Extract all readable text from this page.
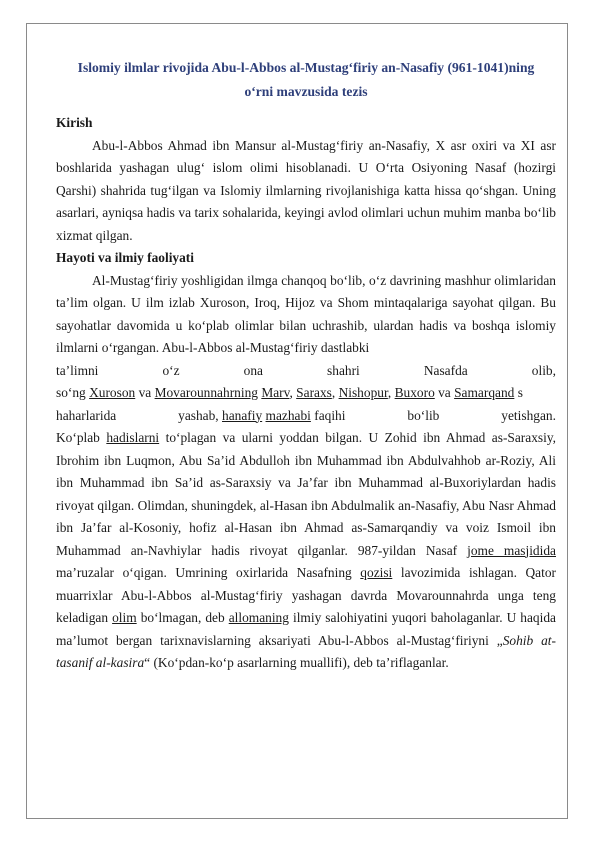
Islomiy ilmlar rivojida Abu-l-Abbos al-Mustag‘firiy an-Nasafiy (961-1041)ning
o‘rni mavzusida tezis

Kirish

Abu-l-Abbos Ahmad ibn Mansur al-Mustag‘firiy an-Nasafiy, X asr oxiri va XI asr boshlarida yashagan ulug‘ islom olimi hisoblanadi. U O‘rta Osiyoning Nasaf (hozirgi Qarshi) shahrida tug‘ilgan va Islomiy ilmlarning rivojlanishiga katta hissa qo‘shgan. Uning asarlari, ayniqsa hadis va tarix sohalarida, keyingi avlod olimlari uchun muhim manba bo‘lib xizmat qilgan.

Hayoti va ilmiy faoliyati

Al-Mustag‘firiy yoshligidan ilmga chanqoq bo‘lib, o‘z davrining mashhur olimlaridan ta’lim olgan. U ilm izlab Xuroson, Iroq, Hijoz va Shom mintaqalariga sayohat qilgan. Bu sayohatlar davomida u ko‘plab olimlar bilan uchrashib, ulardan hadis va boshqa islomiy ilmlarni o‘rgangan. Abu-l-Abbos al-Mustag‘firiy dastlabki

ta’limni	o‘z	ona	shahri	Nasafda	olib,
so‘ng Xuroson va Movarounnahrning Marv, Saraxs, Nishopur, Buxoro va Samarqand s
haharlarida	yashab, hanafiy mazhabi faqihi	bo‘lib	yetishgan.

Ko‘plab hadislarni to‘plagan va ularni yoddan bilgan. U Zohid ibn Ahmad as-Saraxsiy, Ibrohim ibn Luqmon, Abu Sa’id Abdulloh ibn Muhammad ibn Abdulvahhob ar-Roziy, Ali ibn Muhammad ibn Sa’id as-Saraxsiy va Ja’far ibn Muhammad al-Buxoriylardan hadis rivoyat qilgan. Olimdan, shuningdek, al-Hasan ibn Abdulmalik an-Nasafiy, Abu Nasr Ahmad ibn Ja’far al-Kosoniy, hofiz al-Hasan ibn Ahmad as-Samarqandiy va voiz Ismoil ibn Muhammad an-Navhiylar hadis rivoyat qilganlar. 987-yildan Nasaf jome masjidida ma’ruzalar o‘qigan. Umrining oxirlarida Nasafning qozisi lavozimida ishlagan. Qator muarrixlar Abu-l-Abbos al-Mustag‘firiy yashagan davrda Movarounnahrda unga teng keladigan olim bo‘lmagan, deb allomaning ilmiy salohiyatini yuqori baholaganlar. U haqida ma’lumot bergan tarixnavislarning aksariyati Abu-l-Abbos al-Mustag‘firiyni „Sohib at-tasanif al-kasira“ (Ko‘pdan-ko‘p asarlarning muallifi), deb ta’riflaganlar.
